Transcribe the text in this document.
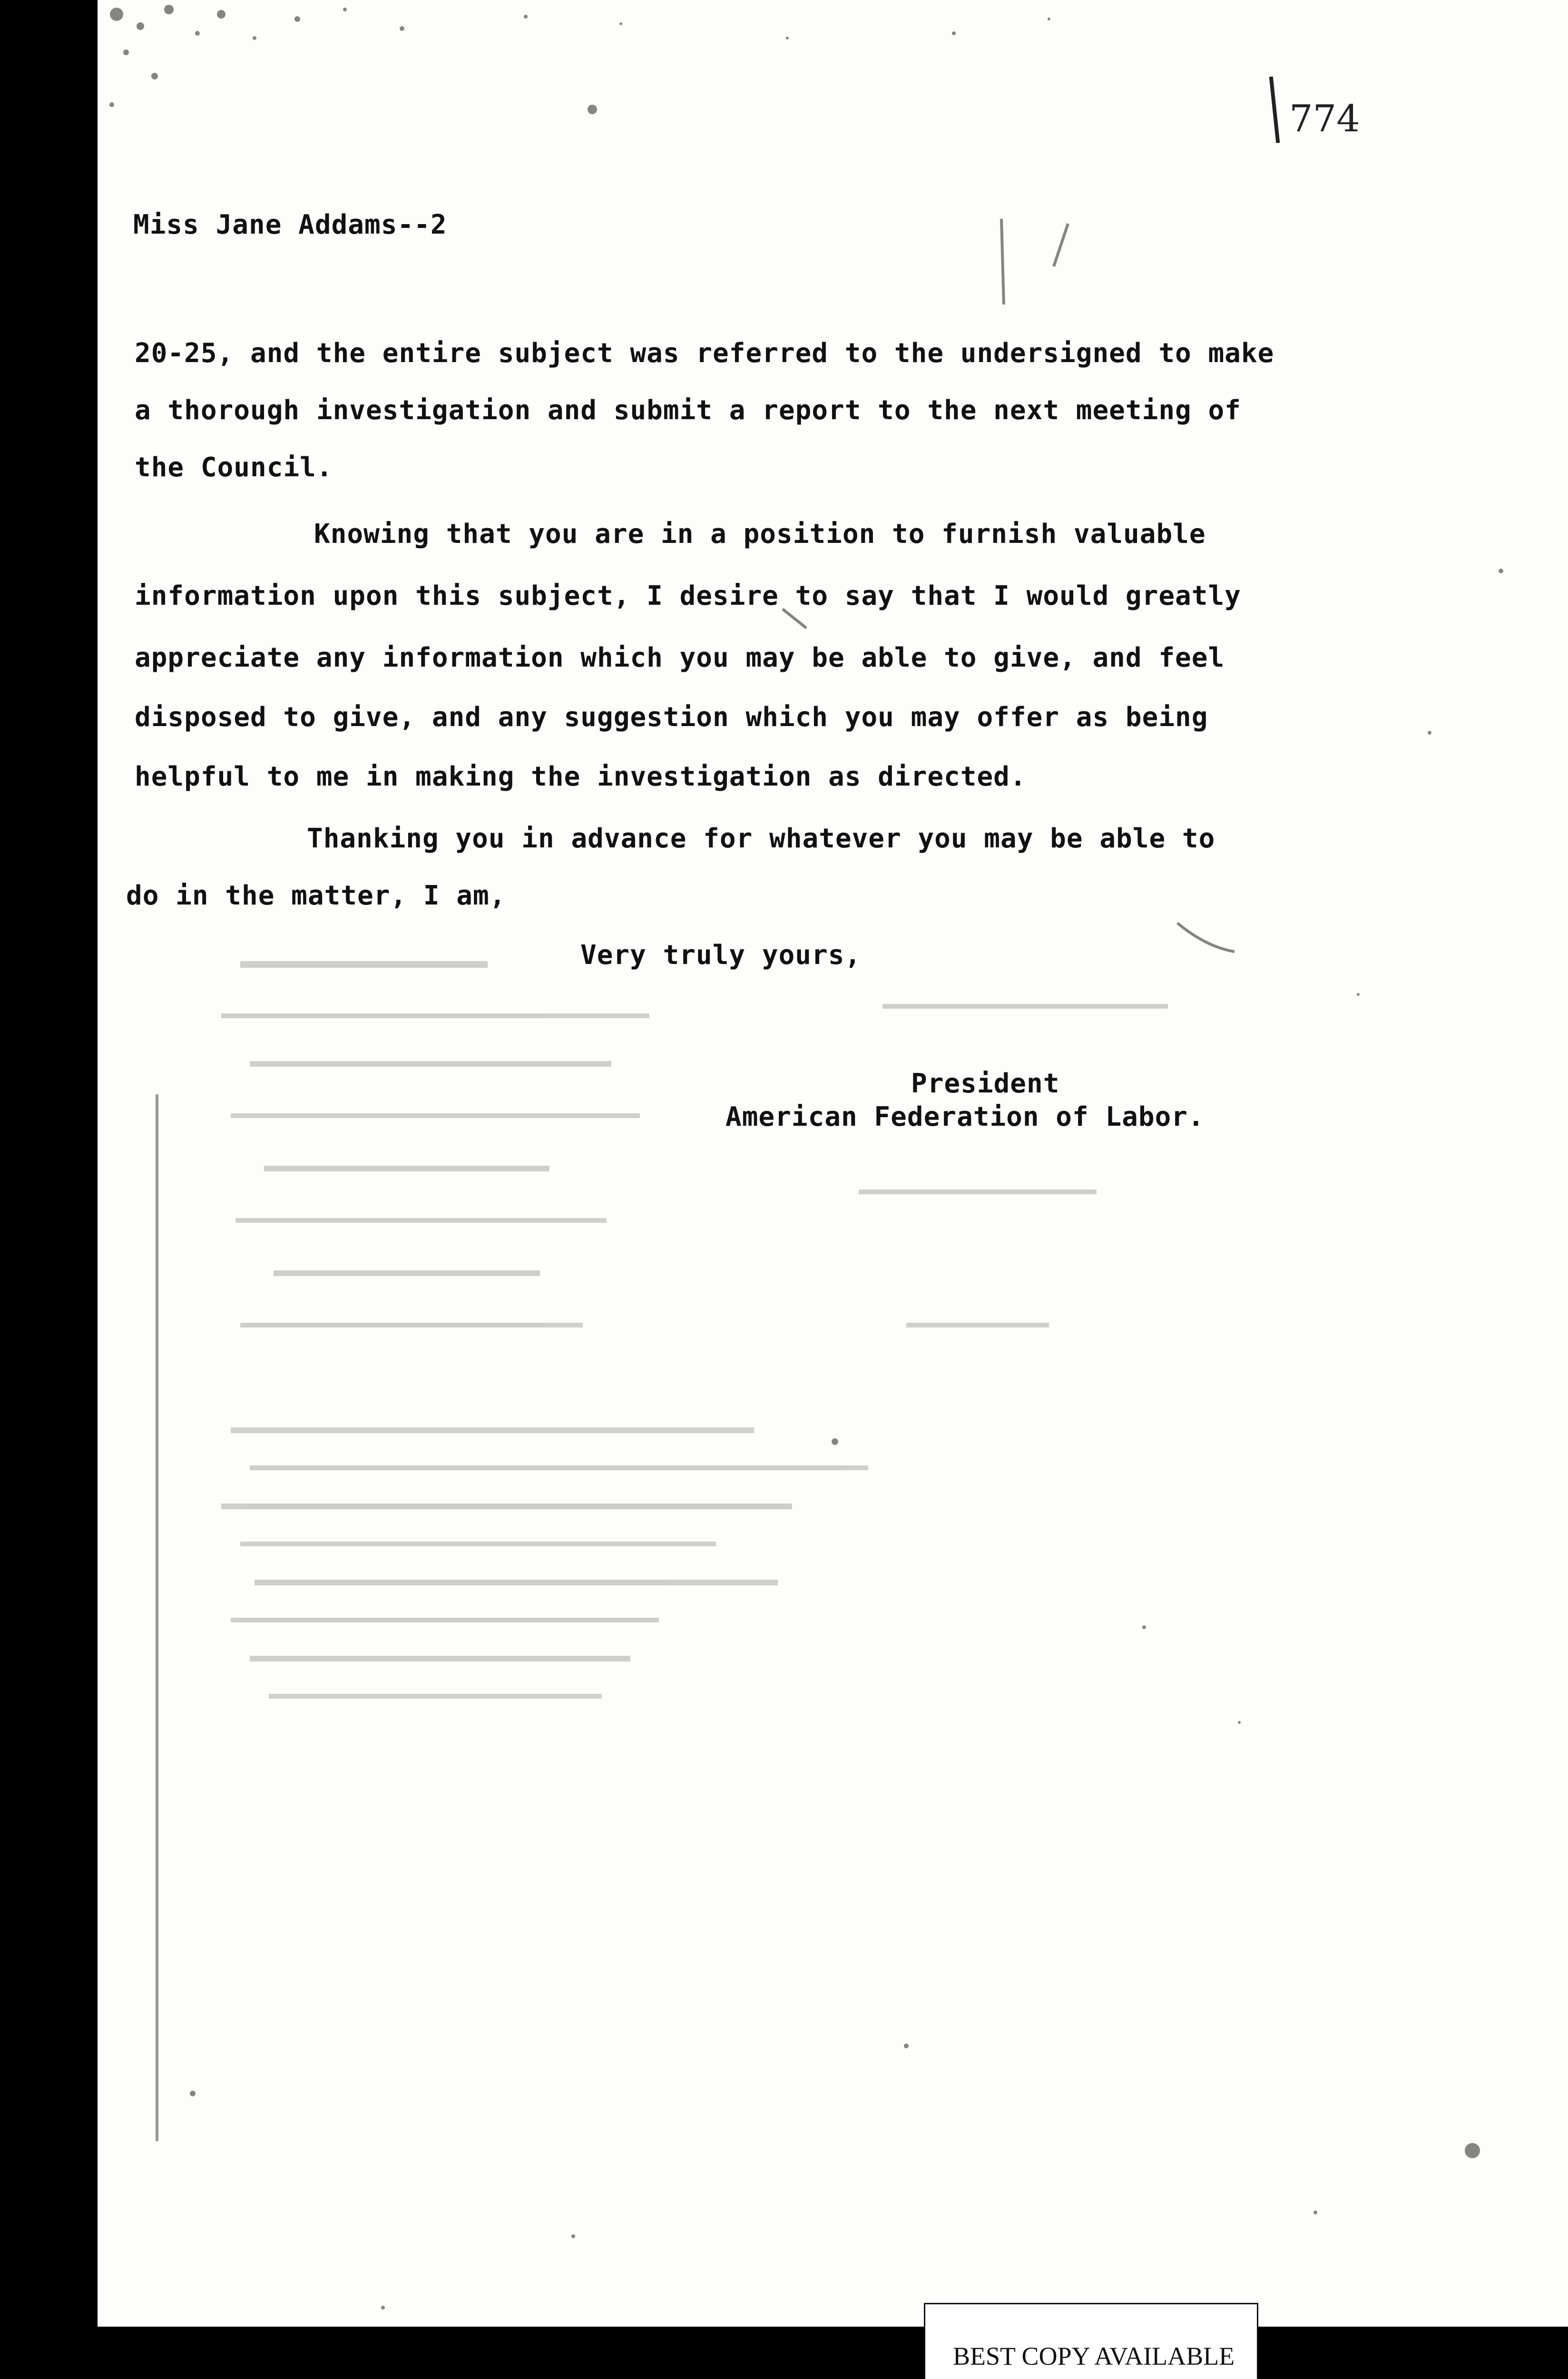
774
Miss Jane Addams--2
20-25, and the entire subject was referred to the undersigned to make
a thorough investigation and submit a report to the next meeting of
the Council.
Knowing that you are in a position to furnish valuable
information upon this subject, I desire to say that I would greatly
appreciate any information which you may be able to give, and feel
disposed to give, and any suggestion which you may offer as being
helpful to me in making the investigation as directed.
Thanking you in advance for whatever you may be able to
do in the matter, I am,
Very truly yours,
President
American Federation of Labor.
BEST COPY AVAILABLE
